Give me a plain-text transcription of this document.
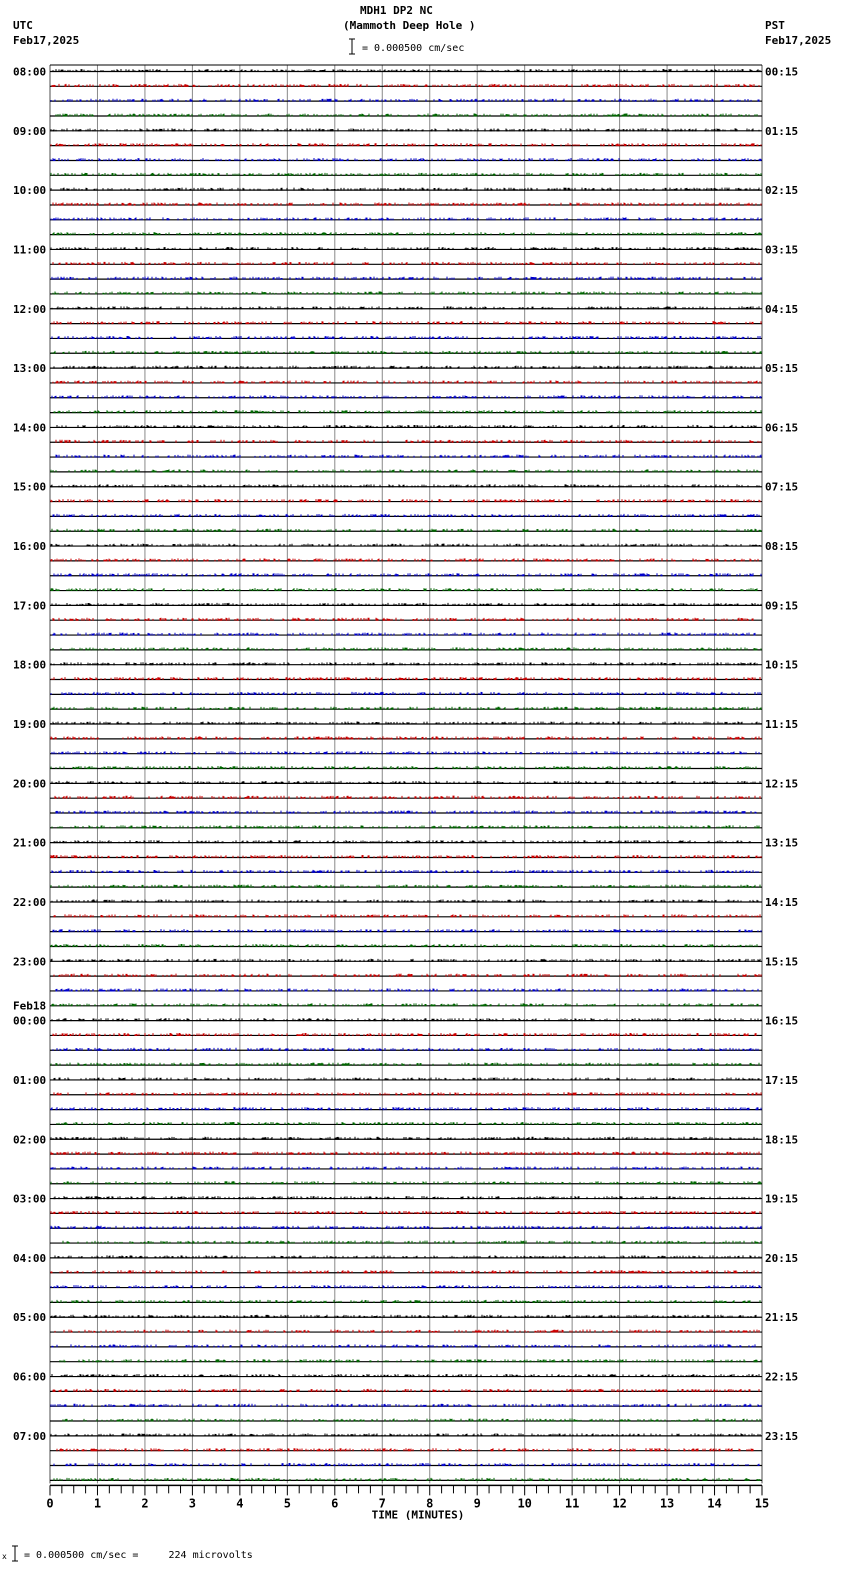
MDH1 DP2 NC
(Mammoth Deep Hole )
UTC
Feb17,2025
PST
Feb17,2025
= 0.000500 cm/sec
08:00	00:15
09:00	01:15
10:00	02:15
11:00	03:15
12:00	04:15
13:00	05:15
14:00	06:15
15:00	07:15
16:00	08:15
17:00	09:15
18:00	10:15
19:00	11:15
20:00	12:15
21:00	13:15
22:00	14:15
23:00	15:15
00:00	16:15
01:00	17:15
02:00	18:15
03:00	19:15
04:00	20:15
05:00	21:15
06:00	22:15
07:00	23:15
Feb18
0	1	2	3	4	5	6	7	8	9	10	11	12	13	14	15
TIME (MINUTES)
x = 0.000500 cm/sec =     224 microvolts
